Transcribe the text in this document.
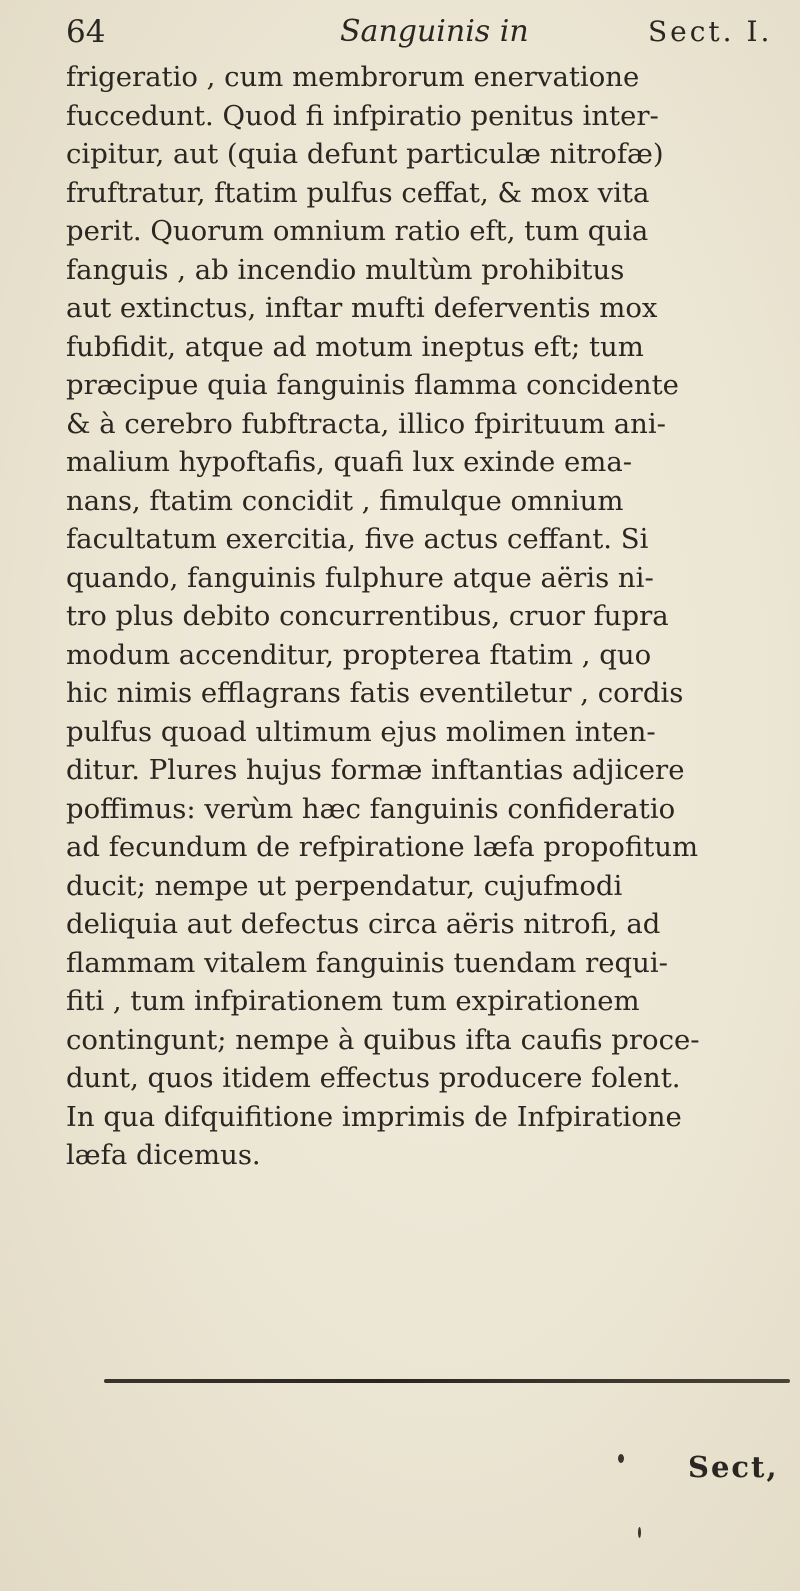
64	Sanguinis in	Sect. I.
frigeratio , cum membrorum enervatione
fuccedunt. Quod fi infpiratio penitus inter-
cipitur, aut (quia defunt particulæ nitrofæ)
fruftratur, ftatim pulfus ceffat, & mox vita
perit. Quorum omnium ratio eft, tum quia
fanguis , ab incendio multùm prohibitus
aut extinctus, inftar mufti deferventis mox
fubfidit, atque ad motum ineptus eft; tum
præcipue quia fanguinis flamma concidente
& à cerebro fubftracta, illico fpirituum ani-
malium hypoftafis, quafi lux exinde ema-
nans, ftatim concidit , fimulque omnium
facultatum exercitia, five actus ceffant. Si
quando, fanguinis fulphure atque aëris ni-
tro plus debito concurrentibus, cruor fupra
modum accenditur, propterea ftatim , quo
hic nimis efflagrans fatis eventiletur , cordis
pulfus quoad ultimum ejus molimen inten-
ditur. Plures hujus formæ inftantias adjicere
poffimus: verùm hæc fanguinis confideratio
ad fecundum de refpiratione læfa propofitum
ducit; nempe ut perpendatur, cujufmodi
deliquia aut defectus circa aëris nitrofi, ad
flammam vitalem fanguinis tuendam requi-
fiti , tum infpirationem tum expirationem
contingunt; nempe à quibus ifta caufis proce-
dunt, quos itidem effectus producere folent.
In qua difquifitione imprimis de Infpiratione
læfa dicemus.
Sect,
